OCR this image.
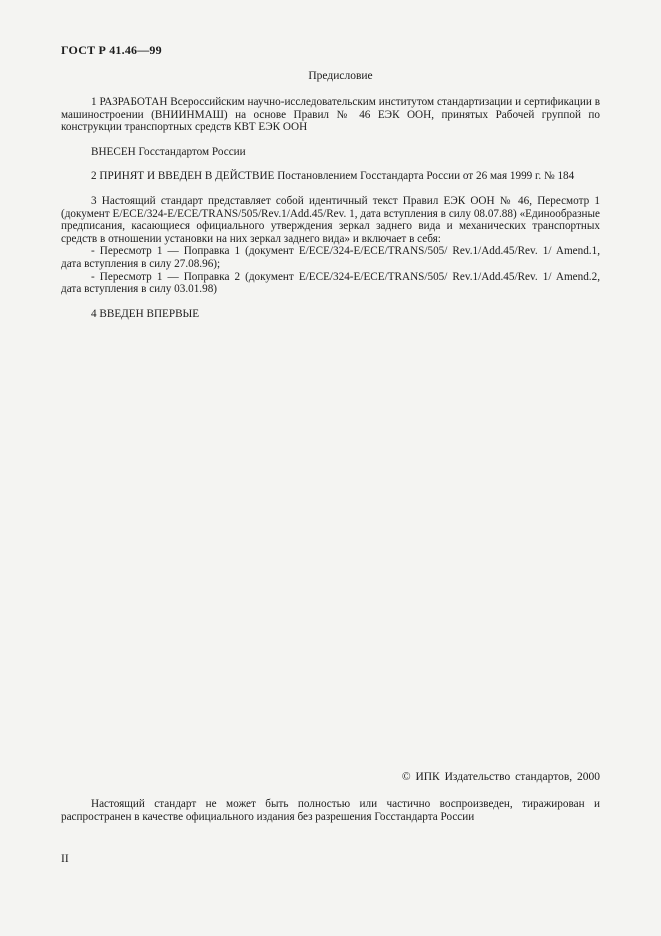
ГОСТ Р 41.46—99
Предисловие

1 РАЗРАБОТАН Всероссийским научно-исследовательским институтом стандартизации и сертификации в машиностроении (ВНИИНМАШ) на основе Правил № 46 ЕЭК ООН, принятых Рабочей группой по конструкции транспортных средств КВТ ЕЭК ООН

ВНЕСЕН Госстандартом России

2 ПРИНЯТ И ВВЕДЕН В ДЕЙСТВИЕ Постановлением Госстандарта России от 26 мая 1999 г. № 184

3 Настоящий стандарт представляет собой идентичный текст Правил ЕЭК ООН № 46, Пересмотр 1 (документ E/ECE/324-E/ECE/TRANS/505/Rev.1/Add.45/Rev. 1, дата вступления в силу 08.07.88) «Единообразные предписания, касающиеся официального утверждения зеркал заднего вида и механических транспортных средств в отношении установки на них зеркал заднего вида» и включает в себя:

- Пересмотр 1 — Поправка 1 (документ E/ECE/324-E/ECE/TRANS/505/ Rev.1/Add.45/Rev. 1/ Amend.1, дата вступления в силу 27.08.96);

- Пересмотр 1 — Поправка 2 (документ E/ECE/324-E/ECE/TRANS/505/ Rev.1/Add.45/Rev. 1/ Amend.2, дата вступления в силу 03.01.98)

4 ВВЕДЕН ВПЕРВЫЕ

© ИПК Издательство стандартов, 2000
Настоящий стандарт не может быть полностью или частично воспроизведен, тиражирован и распространен в качестве официального издания без разрешения Госстандарта России
II
